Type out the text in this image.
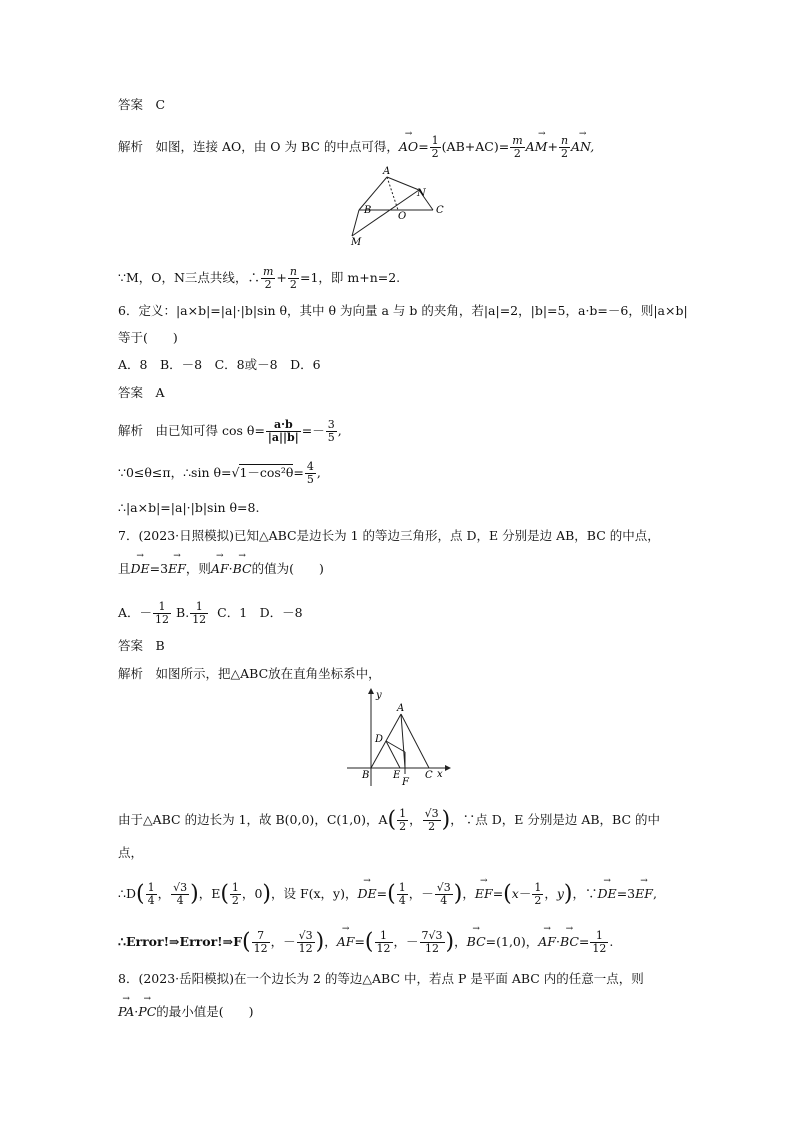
答案　 C
解析　 如图，连接 AO，由 O 为 BC 的中点可得，→ $AO= \frac{1}{2} (AB+AC)= \frac{m}{2}$
→ $AM+ \frac{n}{2}$
→ AN,
A
N
B
O
C
M
∵M，O，N三点共线，∴ $\frac{m}{2} + \frac{n}{2} =1$，即 m+n=2.
6．定义：|a×b|=|a|·|b|sin θ，其中 θ 为向量 a 与 b 的夹角，若|a|=2，|b|=5，a·b=－6，则|a×b|
等于(　　)
A．8　B．－8　C．8或－8　D．6
答案　 A
解析　 由已知可得 $\cos \theta= \frac{a\cdot b}{|a||b|} =- \frac{3}{5}$ ,
∵0≤θ≤π，∴sin $\theta=√1-\cos^2\theta= \frac{4}{5}$ ,
∴|a×b|=|a|·|b|sin θ=8.
7．(2023·日照模拟)已知△ABC是边长为 1 的等边三角形，点 D，E 分别是边 AB，BC 的中点，
且→ DE=3→ EF，则→ AF·→ BC的值为(　　)
A．－ $\frac{1}{12} B$. $\frac{1}{12}$ C．1　D．－8
答案　 B
解析　 如图所示，把△ABC放在直角坐标系中，
y
A
D
B E
F
C x
由于△ABC 的边长为 1，故 B(0,0)，C(1,0)，$A( \frac{1}{2}$ ， $\frac{√3}{2}$ )，∵点 D，E 分别是边 AB，BC 的中
点，
∴D( $\frac{1}{4}$ ， $\frac{√3}{4}$ )，$E( \frac{1}{2}$ ，0)，设 F(x，y)，→ $DE=( \frac{1}{4}$ ，－ $\frac{√3}{4}$ )，→ $EF=(x- \frac{1}{2}$ ，y)，∵→ DE=3→ EF,
∴Error!⇒Error!⇒F( $\frac{7}{12}$ ，－ $\frac{√3}{12}$ )，→ $AF=( \frac{1}{12}$ ，－ $\frac{7√3}{12}$ )，→ BC=(1,0)，→ $AF\cdot\to BC= \frac{1}{12}$ .
8．(2023·岳阳模拟)在一个边长为 2 的等边△ABC 中，若点 P 是平面 ABC 内的任意一点，则
→ PA·→ PC的最小值是(　　)
